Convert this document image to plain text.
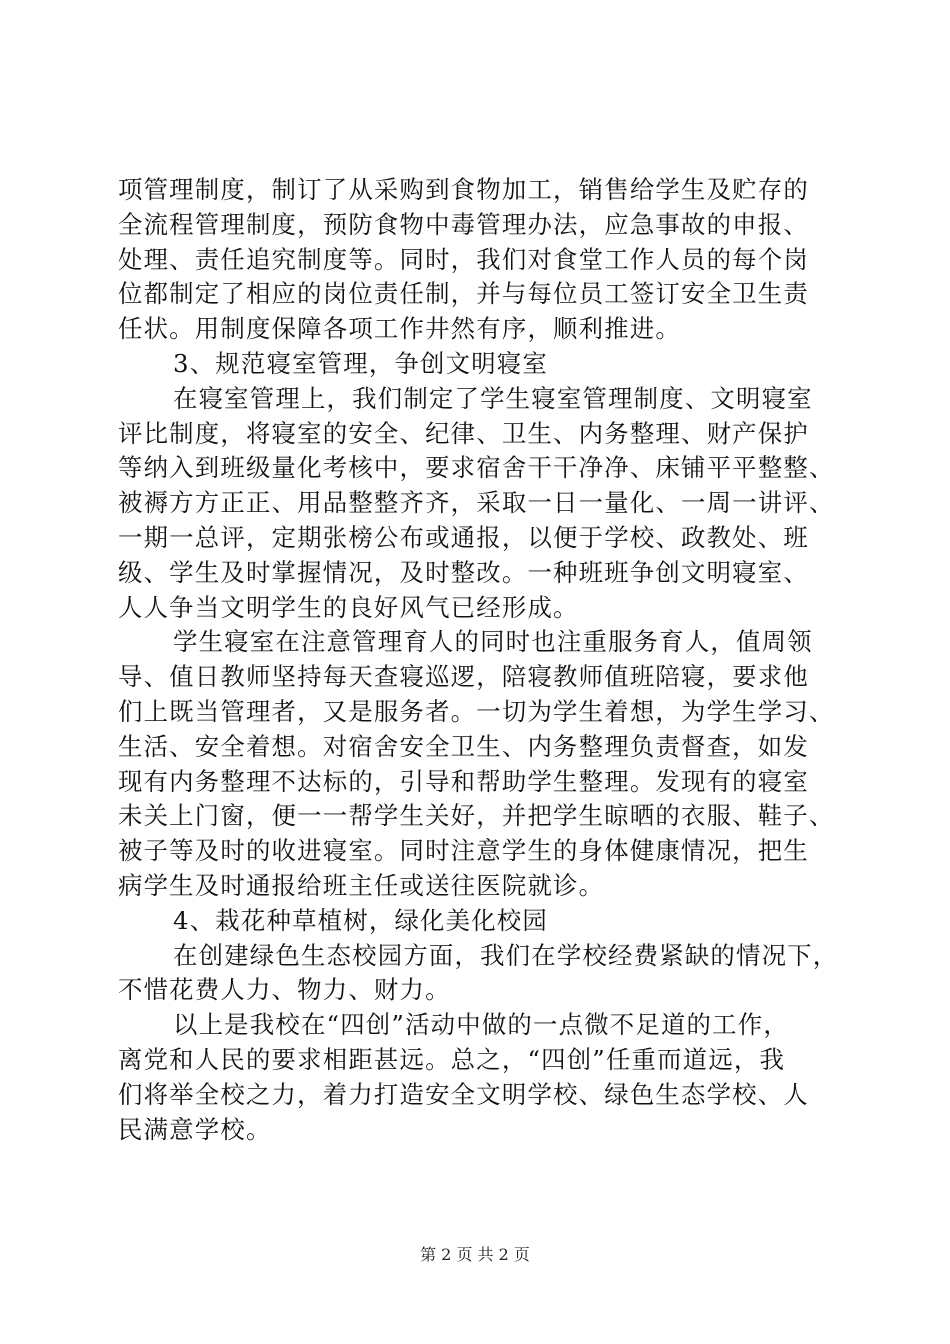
项管理制度，制订了从采购到食物加工，销售给学生及贮存的
全流程管理制度，预防食物中毒管理办法，应急事故的申报、
处理、责任追究制度等。同时，我们对食堂工作人员的每个岗
位都制定了相应的岗位责任制，并与每位员工签订安全卫生责
任状。用制度保障各项工作井然有序，顺利推进。
3、规范寝室管理，争创文明寝室
在寝室管理上，我们制定了学生寝室管理制度、文明寝室
评比制度，将寝室的安全、纪律、卫生、内务整理、财产保护
等纳入到班级量化考核中，要求宿舍干干净净、床铺平平整整、
被褥方方正正、用品整整齐齐，采取一日一量化、一周一讲评、
一期一总评，定期张榜公布或通报，以便于学校、政教处、班
级、学生及时掌握情况，及时整改。一种班班争创文明寝室、
人人争当文明学生的良好风气已经形成。
学生寝室在注意管理育人的同时也注重服务育人，值周领
导、值日教师坚持每天查寝巡逻，陪寝教师值班陪寝，要求他
们上既当管理者，又是服务者。一切为学生着想，为学生学习、
生活、安全着想。对宿舍安全卫生、内务整理负责督查，如发
现有内务整理不达标的，引导和帮助学生整理。发现有的寝室
未关上门窗，便一一帮学生关好，并把学生晾晒的衣服、鞋子、
被子等及时的收进寝室。同时注意学生的身体健康情况，把生
病学生及时通报给班主任或送往医院就诊。
4、栽花种草植树，绿化美化校园
在创建绿色生态校园方面，我们在学校经费紧缺的情况下，
不惜花费人力、物力、财力。
以上是我校在“四创”活动中做的一点微不足道的工作，
离党和人民的要求相距甚远。总之，“四创”任重而道远，我
们将举全校之力，着力打造安全文明学校、绿色生态学校、人
民满意学校。
第 2 页 共 2 页
